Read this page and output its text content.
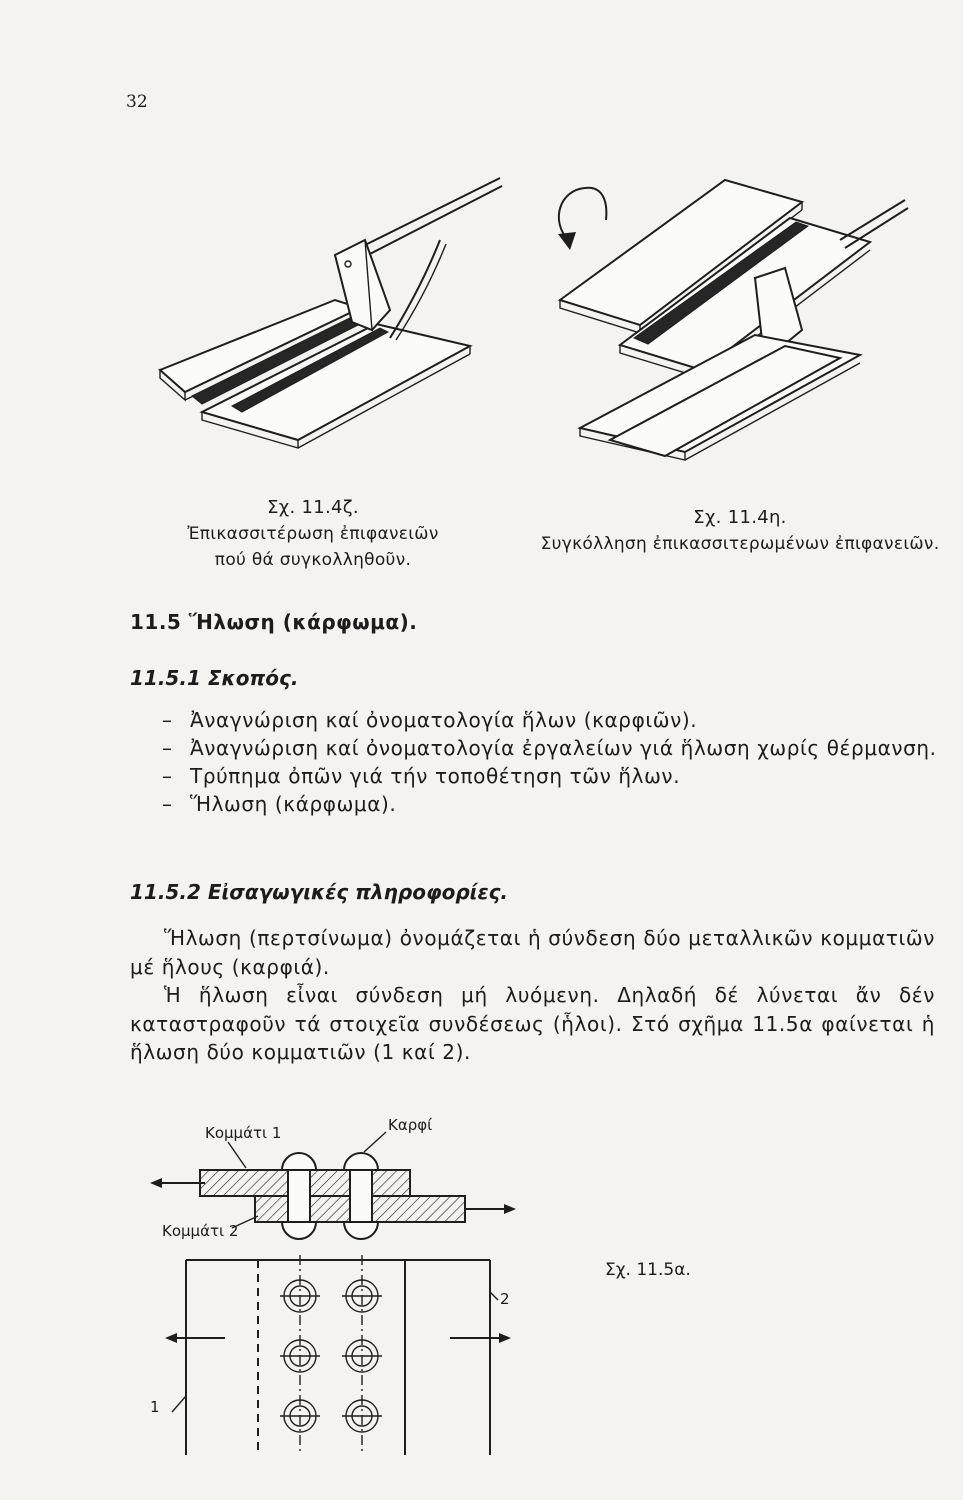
32
Σχ. 11.4ζ.
Ἐπικασσιτέρωση ἐπιφανειῶν
πού θά συγκολληθοῦν.
Σχ. 11.4η.
Συγκόλληση ἐπικασσιτερωμένων ἐπιφανειῶν.
11.5 Ἥλωση (κάρφωμα).
11.5.1 Σκοπός.
– Ἀναγνώριση καί ὀνοματολογία ἥλων (καρφιῶν).
– Ἀναγνώριση καί ὀνοματολογία ἐργαλείων γιά ἥλωση χωρίς θέρμανση.
– Τρύπημα ὀπῶν γιά τήν τοποθέτηση τῶν ἥλων.
– Ἥλωση (κάρφωμα).
11.5.2 Εἰσαγωγικές πληροφορίες.

Ἥλωση (περτσίνωμα) ὀνομάζεται ἡ σύνδεση δύο μεταλλικῶν κομματιῶν μέ ἥλους (καρφιά).

Ἡ ἥλωση εἶναι σύνδεση μή λυόμενη. Δηλαδή δέ λύνεται ἄν δέν καταστραφοῦν τά στοιχεῖα συνδέσεως (ἧλοι). Στό σχῆμα 11.5α φαίνεται ἡ ἥλωση δύο κομματιῶν (1 καί 2).

Κομμάτι 1	Καρφί
Κομμάτι 2
2
1
Σχ. 11.5α.
